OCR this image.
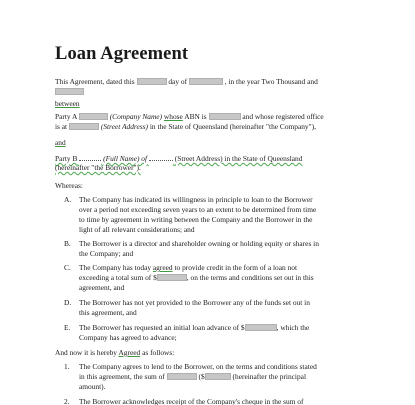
Loan Agreement
This Agreement, dated this	day of	, in the year Two Thousand and
between
Party A	(Company Name) whose ABN is	and whose registered office
is at	(Street Address) in the State of Queensland (hereinafter "the Company"),
and
Party B	(Full Name) of	(Street Address) in the State of Queensland
(hereinafter "the Borrower").
Whereas:
A. The Company has indicated its willingness in principle to loan to the Borrower
over a period not exceeding seven years to an extent to be determined from time
to time by agreement in writing between the Company and the Borrower in the
light of all relevant considerations; and
B. The Borrower is a director and shareholder owning or holding equity or shares in
the Company; and
C. The Company has today agreed to provide credit in the form of a loan not
exceeding a total sum of $	, on the terms and conditions set out in this
agreement, and
D. The Borrower has not yet provided to the Borrower any of the funds set out in
this agreement, and
E. The Borrower has requested an initial loan advance of $	, which the
Company has agreed to advance;
And now it is hereby Agreed as follows:
1. The Company agrees to lend to the Borrower, on the terms and conditions stated
in this agreement, the sum of	($	(hereinafter the principal
amount).
2. The Borrower acknowledges receipt of the Company's cheque in the sum of
